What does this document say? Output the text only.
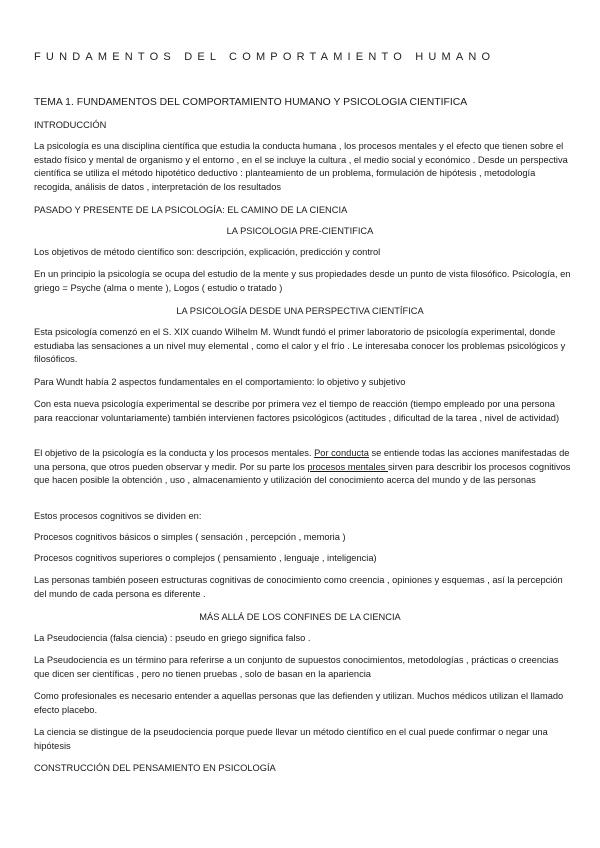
FUNDAMENTOS DEL COMPORTAMIENTO HUMANO

TEMA 1. FUNDAMENTOS DEL COMPORTAMIENTO HUMANO Y PSICOLOGIA CIENTIFICA

INTRODUCCIÓN

La psicología es una disciplina científica que estudia la conducta humana , los procesos mentales y el efecto que tienen sobre el estado físico y mental de organismo y el entorno , en el se incluye la cultura , el medio social y económico . Desde un perspectiva científica se utiliza el método hipotético deductivo : planteamiento de un problema, formulación de hipótesis , metodología recogida, análisis de datos , interpretación de los resultados

PASADO Y PRESENTE DE LA PSICOLOGÍA: EL CAMINO DE LA CIENCIA

LA PSICOLOGIA PRE-CIENTIFICA

Los objetivos de método científico son: descripción, explicación, predicción y control

En un principio la psicología se ocupa del estudio de la mente y sus propiedades desde un punto de vista filosófico. Psicología, en griego = Psyche (alma o mente ), Logos ( estudio o tratado )

LA PSICOLOGÍA DESDE UNA PERSPECTIVA CIENTÍFICA

Esta psicología comenzó en el S. XIX cuando Wilhelm M. Wundt fundó el primer laboratorio de psicología experimental, donde estudiaba las sensaciones a un nivel muy elemental , como el calor y el frío . Le interesaba conocer los problemas psicológicos y filosóficos.

Para Wundt había 2 aspectos fundamentales en el comportamiento: lo objetivo y subjetivo

Con esta nueva psicología experimental se describe por primera vez el tiempo de reacción (tiempo empleado por una persona para reaccionar voluntariamente) también intervienen factores psicológicos (actitudes , dificultad de la tarea , nivel de actividad)

El objetivo de la psicología es la conducta y los procesos mentales. Por conducta se entiende todas las acciones manifestadas de una persona, que otros pueden observar y medir. Por su parte los procesos mentales sirven para describir los procesos cognitivos que hacen posible la obtención , uso , almacenamiento y utilización del conocimiento acerca del mundo y de las personas

Estos procesos cognitivos se dividen en:

Procesos cognitivos básicos o simples ( sensación , percepción , memoria )

Procesos cognitivos superiores o complejos ( pensamiento , lenguaje , inteligencia)

Las personas también poseen estructuras cognitivas de conocimiento como creencia , opiniones y esquemas , así la percepción del mundo de cada persona es diferente .

MÁS ALLÁ DE LOS CONFINES DE LA CIENCIA

La Pseudociencia (falsa ciencia) : pseudo en griego significa falso .

La Pseudociencia es un término para referirse a un conjunto de supuestos conocimientos, metodologías , prácticas o creencias que dicen ser científicas , pero no tienen pruebas , solo de basan en la apariencia

Como profesionales es necesario entender a aquellas personas que las defienden y utilizan. Muchos médicos utilizan el llamado efecto placebo.

La ciencia se distingue de la pseudociencia porque puede llevar un método científico en el cual puede confirmar o negar una hipótesis

CONSTRUCCIÓN DEL PENSAMIENTO EN PSICOLOGÍA
